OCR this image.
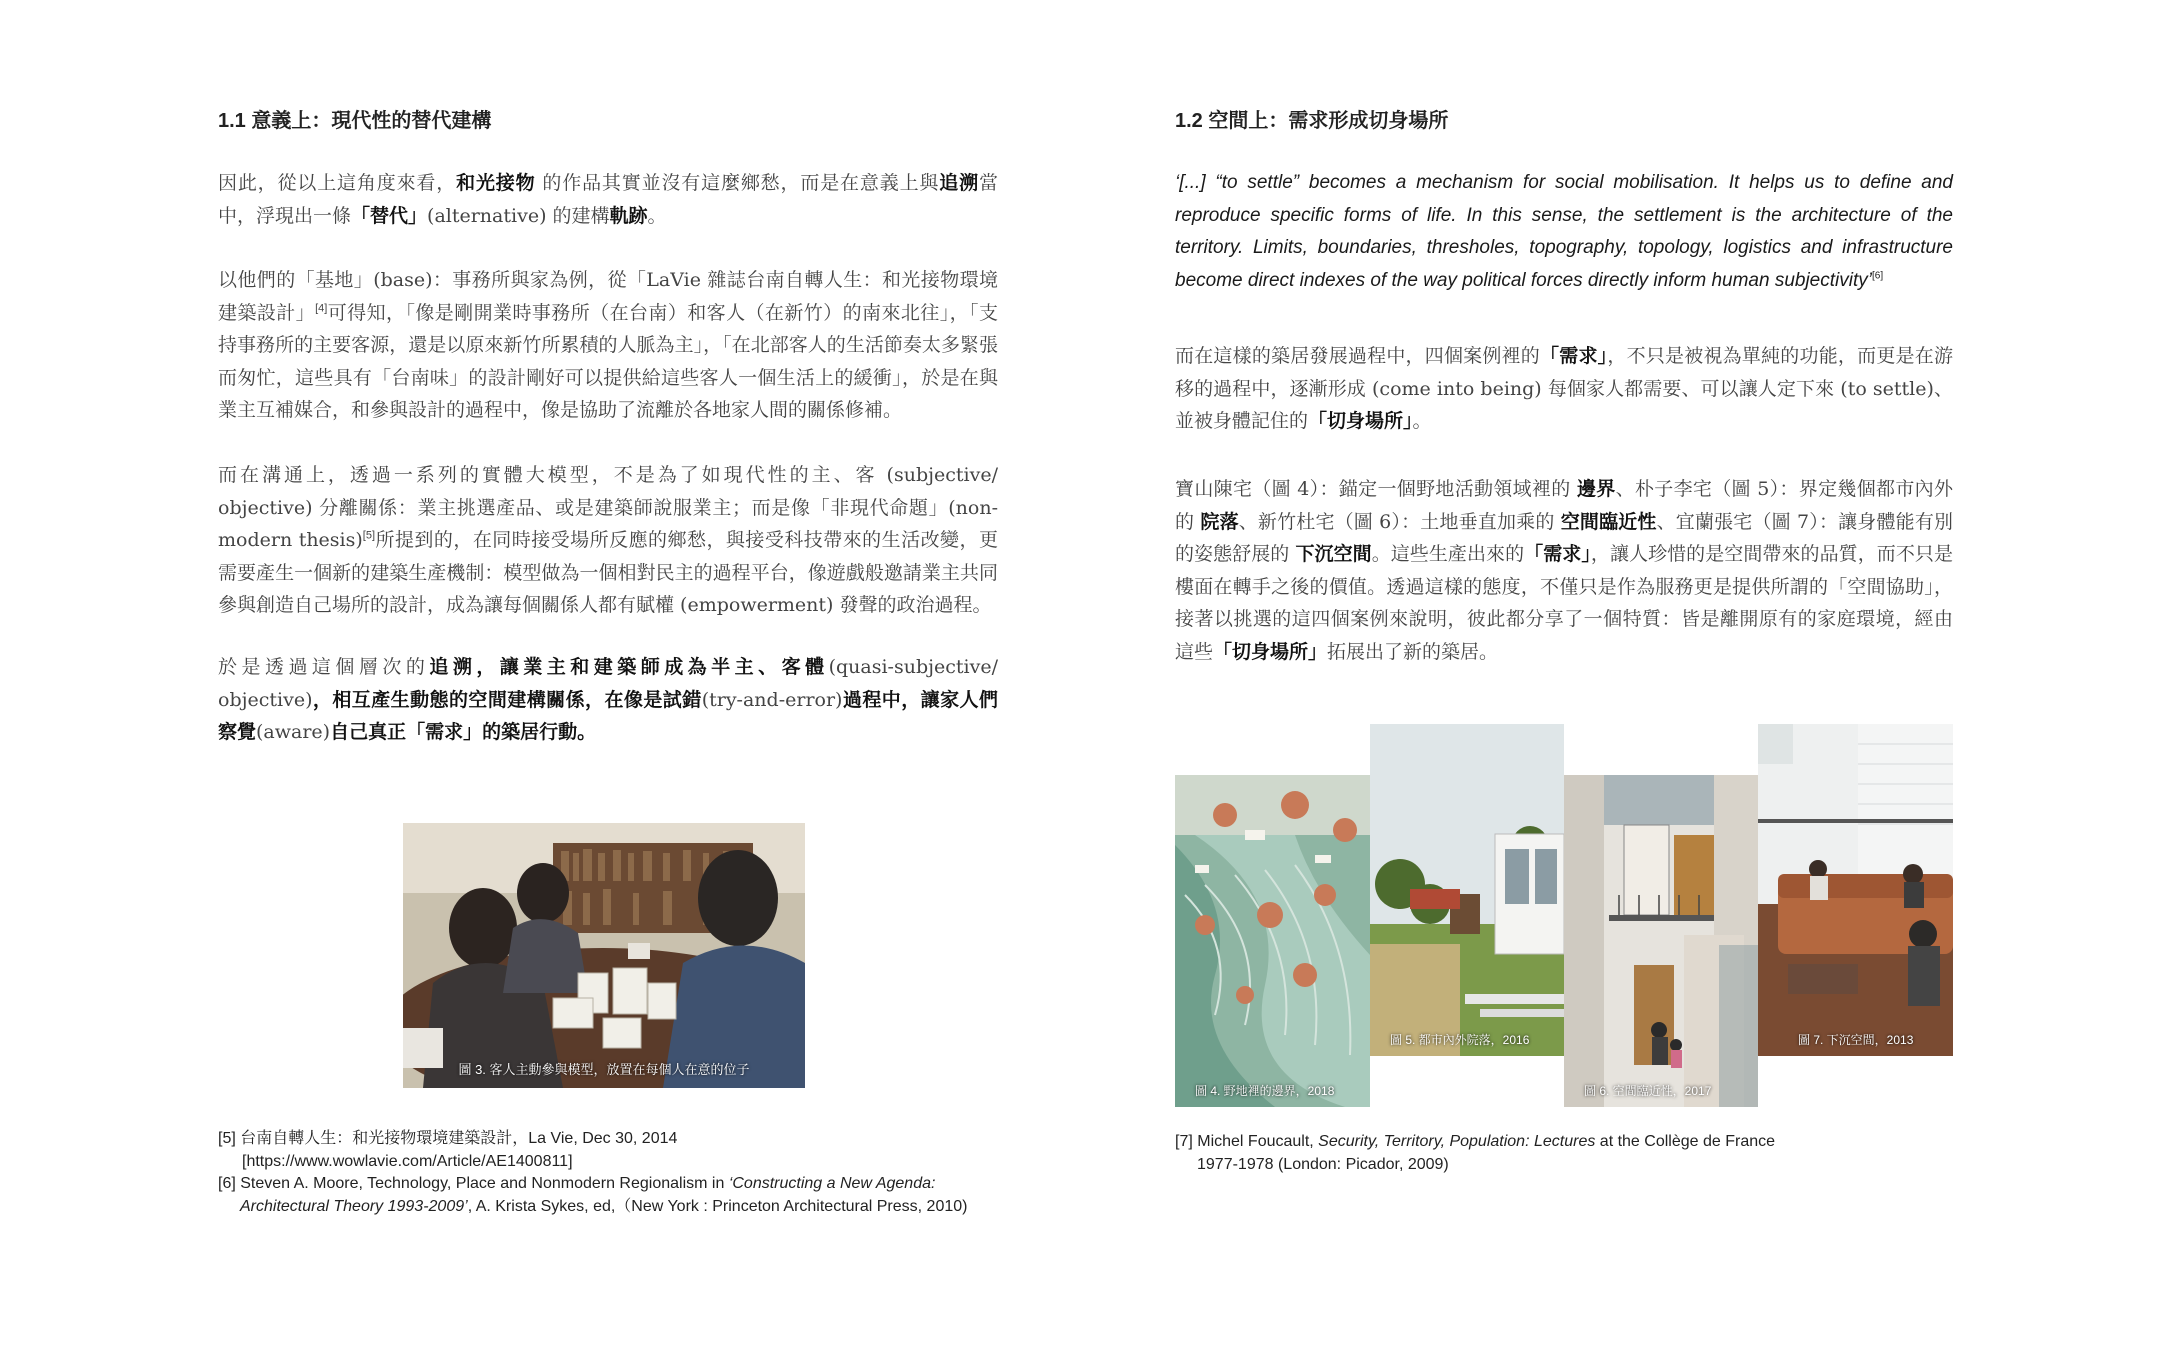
1.1 意義上：現代性的替代建構
因此，從以上這角度來看，和光接物 的作品其實並沒有這麼鄉愁，而是在意義上與追溯當中，浮現出一條「替代」(alternative) 的建構軌跡。
以他們的「基地」(base)：事務所與家為例，從「LaVie 雜誌台南自轉人生：和光接物環境建築設計」[4]可得知，「像是剛開業時事務所（在台南）和客人（在新竹）的南來北往」，「支持事務所的主要客源，還是以原來新竹所累積的人脈為主」，「在北部客人的生活節奏太多緊張而匆忙，這些具有「台南味」的設計剛好可以提供給這些客人一個生活上的緩衝」，於是在與業主互補媒合，和參與設計的過程中，像是協助了流離於各地家人間的關係修補。
而在溝通上，透過一系列的實體大模型，不是為了如現代性的主、客 (subjective/ objective) 分離關係：業主挑選產品、或是建築師說服業主；而是像「非現代命題」(non-modern thesis)[5]所提到的，在同時接受場所反應的鄉愁，與接受科技帶來的生活改變，更需要產生一個新的建築生產機制：模型做為一個相對民主的過程平台，像遊戲般邀請業主共同參與創造自己場所的設計，成為讓每個關係人都有賦權 (empowerment) 發聲的政治過程。
於是透過這個層次的追溯，讓業主和建築師成為半主、客體(quasi-subjective/ objective)，相互產生動態的空間建構關係，在像是試錯(try-and-error)過程中，讓家人們察覺(aware)自己真正「需求」的築居行動。
圖 3. 客人主動參與模型，放置在每個人在意的位子
[5] 台南自轉人生：和光接物環境建築設計，La Vie, Dec 30, 2014
[https://www.wowlavie.com/Article/AE1400811]
[6] Steven A. Moore, Technology, Place and Nonmodern Regionalism in ‘Constructing a New Agenda:
Architectural Theory 1993-2009’, A. Krista Sykes, ed,（New York : Princeton Architectural Press, 2010)
1.2 空間上：需求形成切身場所
‘[...] “to settle” becomes a mechanism for social mobilisation. It helps us to define and reproduce specific forms of life. In this sense, the settlement is the architecture of the territory. Limits, boundaries, thresholes, topography, topology, logistics and infrastructure become direct indexes of the way political forces directly inform human subjectivity’[6]
而在這樣的築居發展過程中，四個案例裡的「需求」，不只是被視為單純的功能，而更是在游移的過程中，逐漸形成 (come into being) 每個家人都需要、可以讓人定下來 (to settle)、並被身體記住的「切身場所」。
寶山陳宅（圖 4）：錨定一個野地活動領域裡的 邊界、朴子李宅（圖 5）：界定幾個都市內外的 院落、新竹杜宅（圖 6）：土地垂直加乘的 空間臨近性、宜蘭張宅（圖 7）：讓身體能有別的姿態舒展的 下沉空間。這些生產出來的「需求」，讓人珍惜的是空間帶來的品質，而不只是樓面在轉手之後的價值。透過這樣的態度，不僅只是作為服務更是提供所謂的「空間協助」，接著以挑選的這四個案例來說明，彼此都分享了一個特質：皆是離開原有的家庭環境，經由這些「切身場所」拓展出了新的築居。
圖 4. 野地裡的邊界，2018
圖 5. 都市內外院落，2016
圖 6. 空間臨近性，2017
圖 7. 下沉空間，2013
[7] Michel Foucault, Security, Territory, Population: Lectures at the Collège de France
1977-1978 (London: Picador, 2009)
